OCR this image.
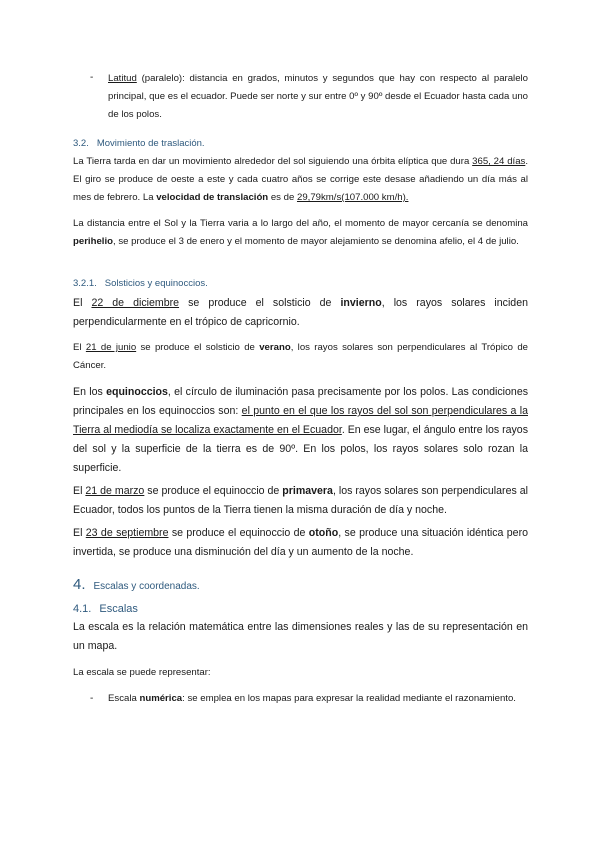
- Latitud (paralelo): distancia en grados, minutos y segundos que hay con respecto al paralelo principal, que es el ecuador. Puede ser norte y sur entre 0º y 90º desde el Ecuador hasta cada uno de los polos.

3.2. Movimiento de traslación.

La Tierra tarda en dar un movimiento alrededor del sol siguiendo una órbita elíptica que dura 365, 24 días. El giro se produce de oeste a este y cada cuatro años se corrige este desase añadiendo un día más al mes de febrero. La velocidad de translación es de 29,79km/s(107.000 km/h).

La distancia entre el Sol y la Tierra varia a lo largo del año, el momento de mayor cercanía se denomina perihelio, se produce el 3 de enero y el momento de mayor alejamiento se denomina afelio, el 4 de julio.

3.2.1. Solsticios y equinoccios.

El 22 de diciembre se produce el solsticio de invierno, los rayos solares inciden perpendicularmente en el trópico de capricornio.

El 21 de junio se produce el solsticio de verano, los rayos solares son perpendiculares al Trópico de Cáncer.

En los equinoccios, el círculo de iluminación pasa precisamente por los polos. Las condiciones principales en los equinoccios son: el punto en el que los rayos del sol son perpendiculares a la Tierra al mediodía se localiza exactamente en el Ecuador. En ese lugar, el ángulo entre los rayos del sol y la superficie de la tierra es de 90º. En los polos, los rayos solares solo rozan la superficie.

El 21 de marzo se produce el equinoccio de primavera, los rayos solares son perpendiculares al Ecuador, todos los puntos de la Tierra tienen la misma duración de día y noche.

El 23 de septiembre se produce el equinoccio de otoño, se produce una situación idéntica pero invertida, se produce una disminución del día y un aumento de la noche.

4. Escalas y coordenadas.
4.1. Escalas

La escala es la relación matemática entre las dimensiones reales y las de su representación en un mapa.

La escala se puede representar:

- Escala numérica: se emplea en los mapas para expresar la realidad mediante el razonamiento.
